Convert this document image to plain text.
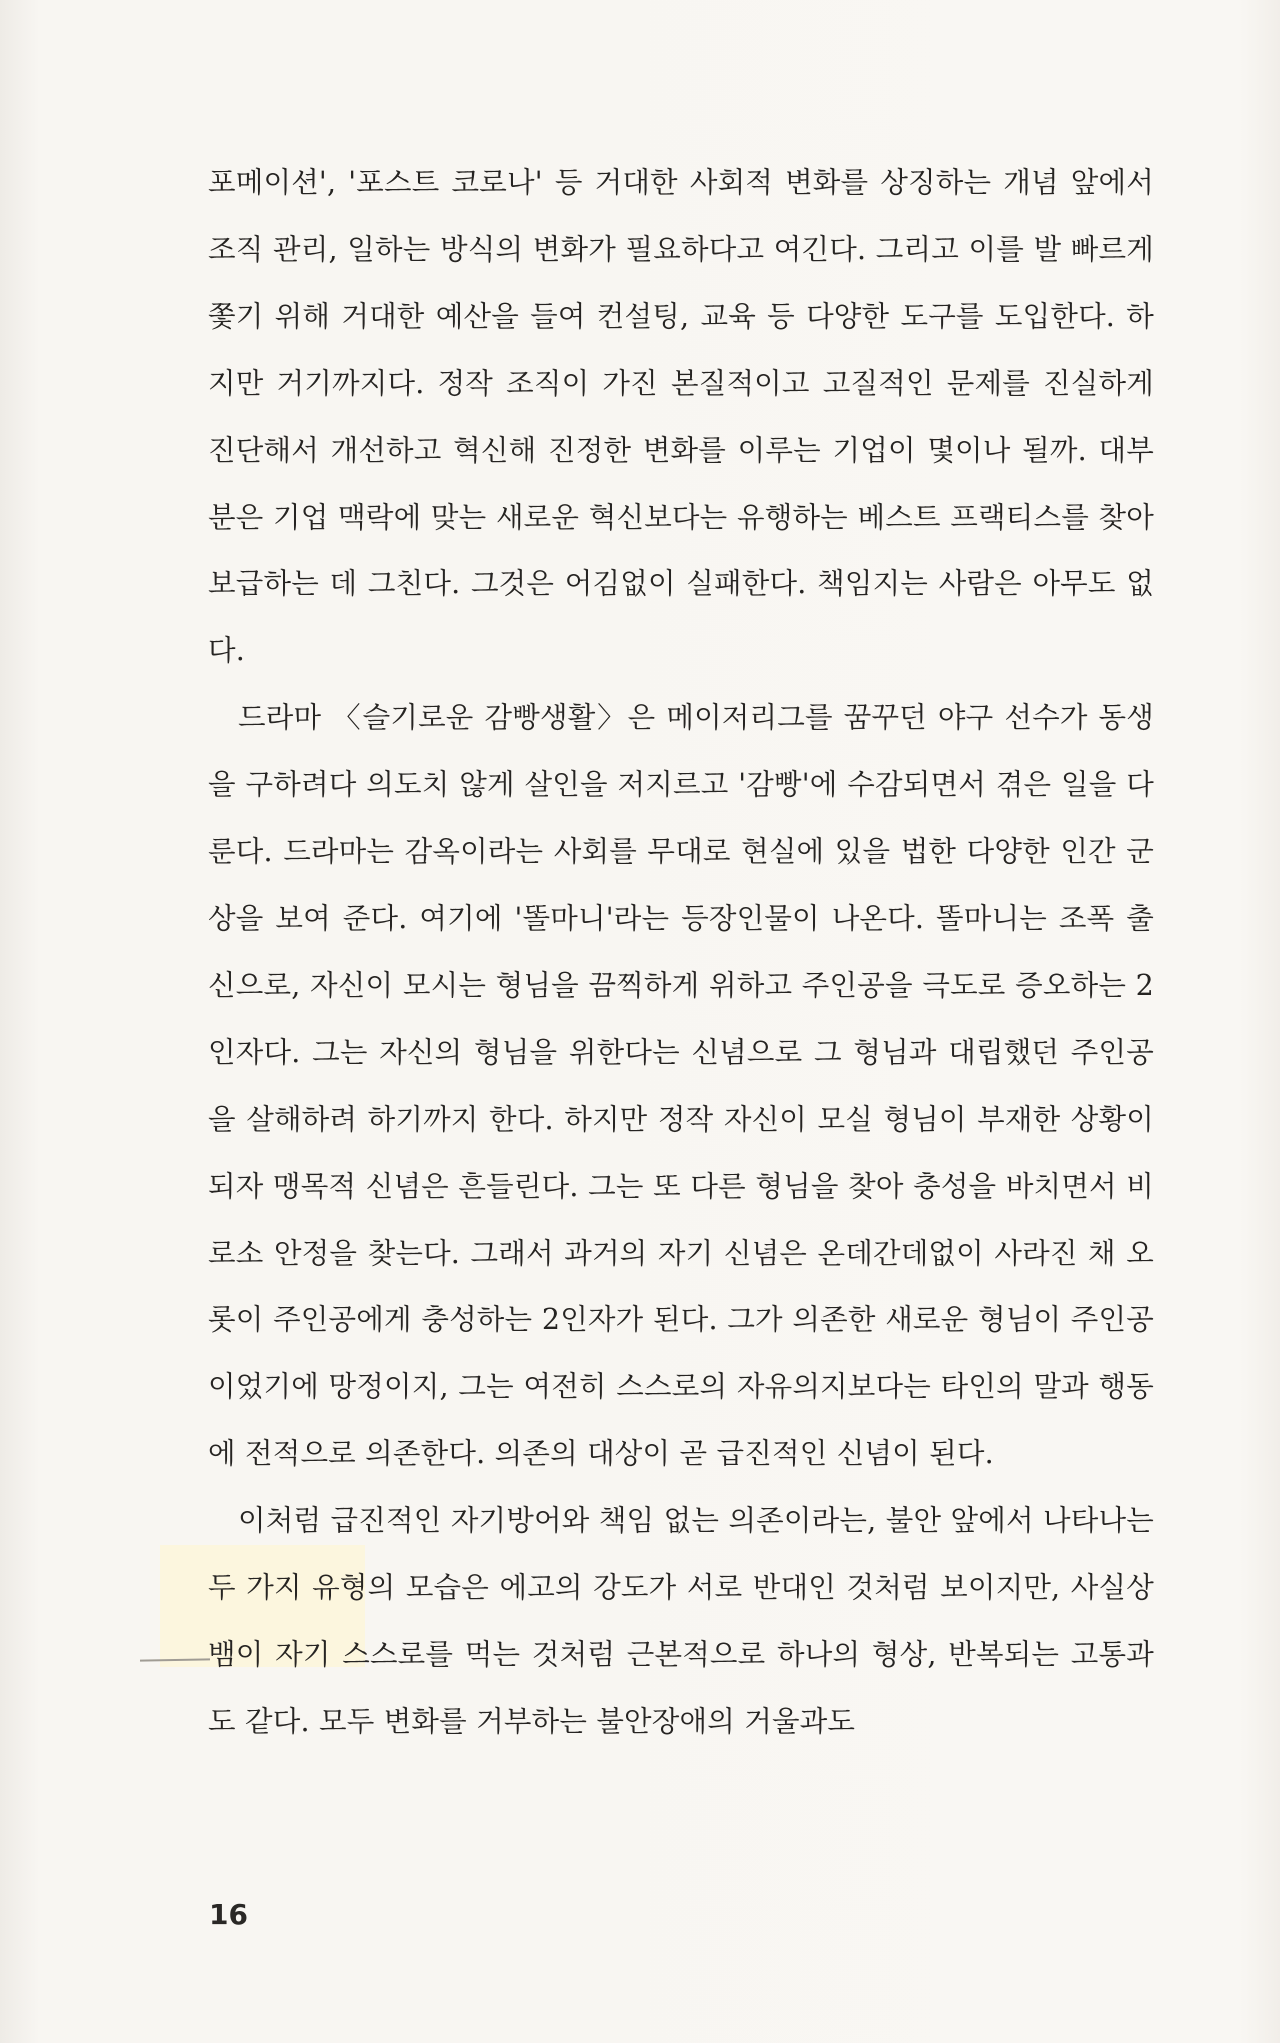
포메이션', '포스트 코로나' 등 거대한 사회적 변화를 상징하는 개념 앞에서 조직 관리, 일하는 방식의 변화가 필요하다고 여긴다. 그리고 이를 발 빠르게 쫓기 위해 거대한 예산을 들여 컨설팅, 교육 등 다양한 도구를 도입한다. 하지만 거기까지다. 정작 조직이 가진 본질적이고 고질적인 문제를 진실하게 진단해서 개선하고 혁신해 진정한 변화를 이루는 기업이 몇이나 될까. 대부분은 기업 맥락에 맞는 새로운 혁신보다는 유행하는 베스트 프랙티스를 찾아 보급하는 데 그친다. 그것은 어김없이 실패한다. 책임지는 사람은 아무도 없다.

드라마 〈슬기로운 감빵생활〉은 메이저리그를 꿈꾸던 야구 선수가 동생을 구하려다 의도치 않게 살인을 저지르고 '감빵'에 수감되면서 겪은 일을 다룬다. 드라마는 감옥이라는 사회를 무대로 현실에 있을 법한 다양한 인간 군상을 보여 준다. 여기에 '똘마니'라는 등장인물이 나온다. 똘마니는 조폭 출신으로, 자신이 모시는 형님을 끔찍하게 위하고 주인공을 극도로 증오하는 2인자다. 그는 자신의 형님을 위한다는 신념으로 그 형님과 대립했던 주인공을 살해하려 하기까지 한다. 하지만 정작 자신이 모실 형님이 부재한 상황이 되자 맹목적 신념은 흔들린다. 그는 또 다른 형님을 찾아 충성을 바치면서 비로소 안정을 찾는다. 그래서 과거의 자기 신념은 온데간데없이 사라진 채 오롯이 주인공에게 충성하는 2인자가 된다. 그가 의존한 새로운 형님이 주인공이었기에 망정이지, 그는 여전히 스스로의 자유의지보다는 타인의 말과 행동에 전적으로 의존한다. 의존의 대상이 곧 급진적인 신념이 된다.

이처럼 급진적인 자기방어와 책임 없는 의존이라는, 불안 앞에서 나타나는 두 가지 유형의 모습은 에고의 강도가 서로 반대인 것처럼 보이지만, 사실상 뱀이 자기 스스로를 먹는 것처럼 근본적으로 하나의 형상, 반복되는 고통과도 같다. 모두 변화를 거부하는 불안장애의 거울과도

16
